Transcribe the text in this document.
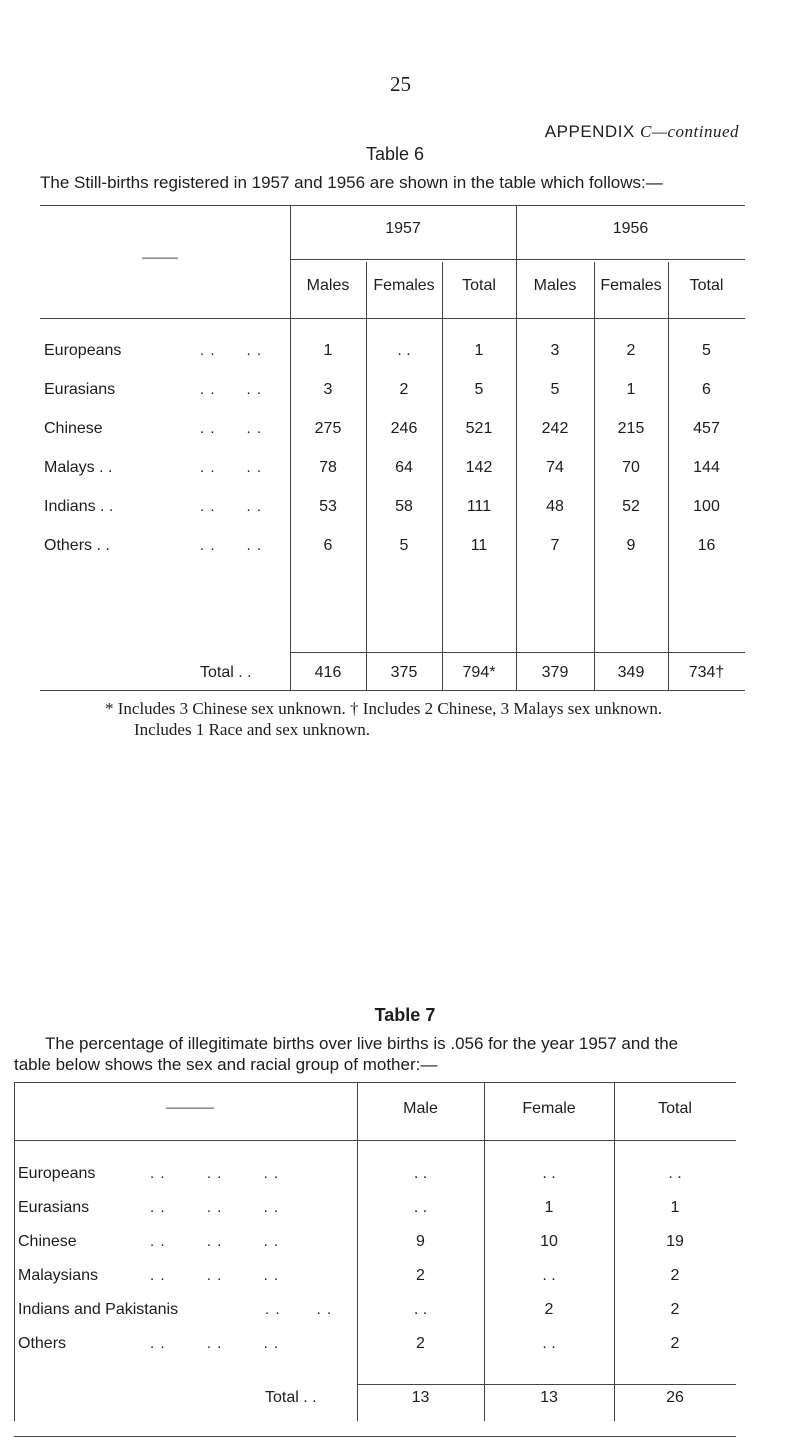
25
APPENDIX C—continued
Table 6
The Still-births registered in 1957 and 1956 are shown in the table which follows:—
———
1957	1956
Males	Females	Total	Males	Females	Total
Europeans	. .      . .	1	. .	1	3	2	5
Eurasians	. .      . .	3	2	5	5	1	6
Chinese	. .      . .	275	246	521	242	215	457
Malays . .	. .      . .	78	64	142	74	70	144
Indians . .	. .      . .	53	58	111	48	52	100
Others . .	. .      . .	6	5	11	7	9	16
Total . .	416	375	794*	379	349	734†
* Includes 3 Chinese sex unknown. † Includes 2 Chinese, 3 Malays sex unknown.
Includes 1 Race and sex unknown.
Table 7
The percentage of illegitimate births over live births is .056 for the year 1957 and the
table below shows the sex and racial group of mother:—
————	Male	Female	Total
Europeans	. .        . .        . .	. .	. .	. .
Eurasians	. .        . .        . .	. .	1	1
Chinese	. .        . .        . .	9	10	19
Malaysians	. .        . .        . .	2	. .	2
Indians and Pakistanis	. .       . .	. .	2	2
Others	. .        . .        . .	2	. .	2
Total . .	13	13	26
